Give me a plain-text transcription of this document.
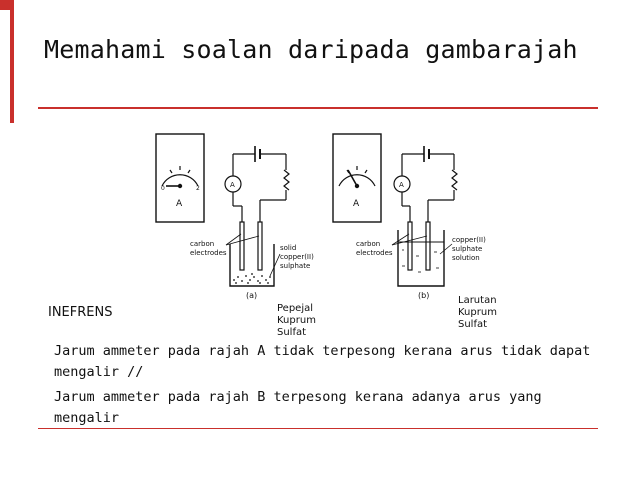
Memahami soalan daripada gambarajah
A
0	2	A
carbon
electrodes
solid
copper(II)
sulphate
(a)
A
A
carbon
electrodes
copper(II)
sulphate
solution
(b)
Pepejal
Kuprum
Sulfat
Larutan
Kuprum
Sulfat
INEFRENS
Jarum ammeter pada rajah A tidak terpesong kerana arus tidak dapat mengalir //
Jarum ammeter pada rajah B terpesong kerana adanya arus yang mengalir
